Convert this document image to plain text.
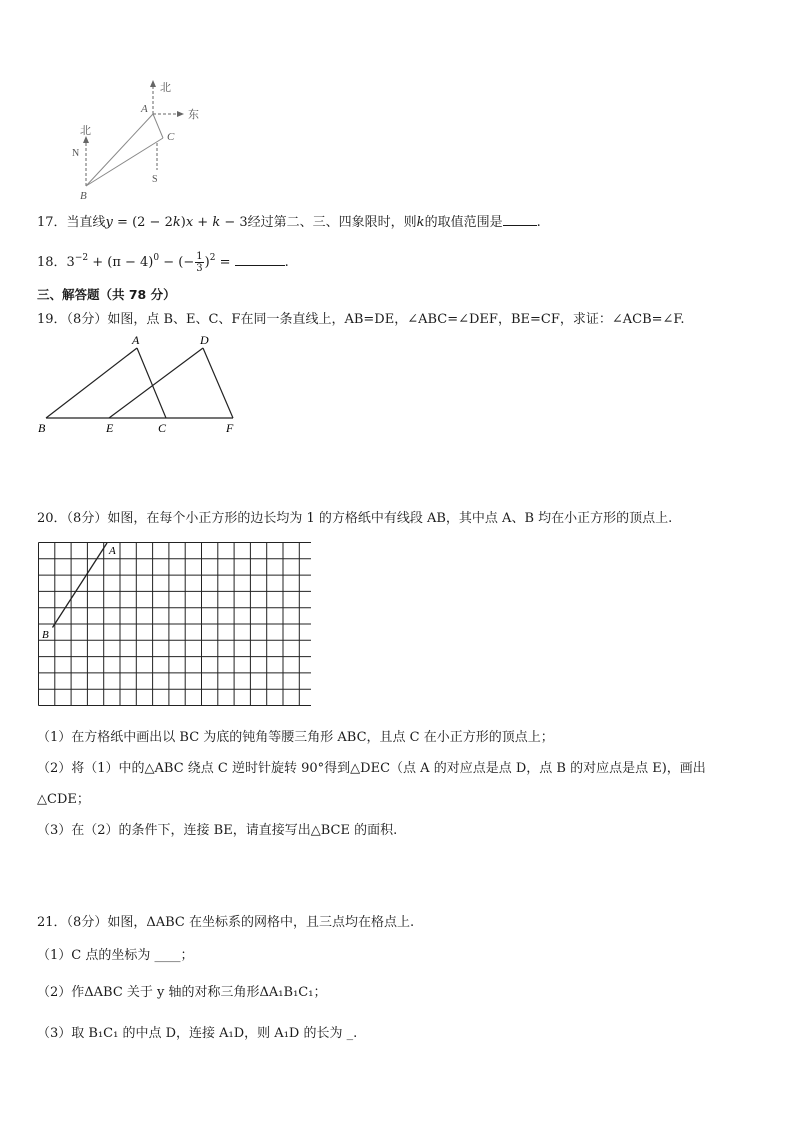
北
东
北
N
S
A
C
B
17．当直线y = (2 − 2k)x + k − 3经过第二、三、四象限时，则k的取值范围是	.
18．$3^{-2} + (\pi - 4)^0$ − (− $\frac{1}{3} )^2$ =	.
三、解答题（共 78 分）
19．（8分）如图，点 B、E、C、F在同一条直线上，AB=DE，∠ABC=∠DEF，BE=CF，求证：∠ACB=∠F.
A	D
B	E	C	F
20．（8分）如图，在每个小正方形的边长均为 1 的方格纸中有线段 AB，其中点 A、B 均在小正方形的顶点上.
A
B
（1）在方格纸中画出以 BC 为底的钝角等腰三角形 ABC，且点 C 在小正方形的顶点上；
（2）将（1）中的△ABC 绕点 C 逆时针旋转 90°得到△DEC（点 A 的对应点是点 D，点 B 的对应点是点 E)，画出
△CDE；
（3）在（2）的条件下，连接 BE，请直接写出△BCE 的面积.
21．（8分）如图，ΔABC 在坐标系的网格中，且三点均在格点上.
（1）C 点的坐标为 ____；
（2）作ΔABC 关于 y 轴的对称三角形ΔA₁B₁C₁；
（3）取 B₁C₁ 的中点 D，连接 A₁D，则 A₁D 的长为 _.
